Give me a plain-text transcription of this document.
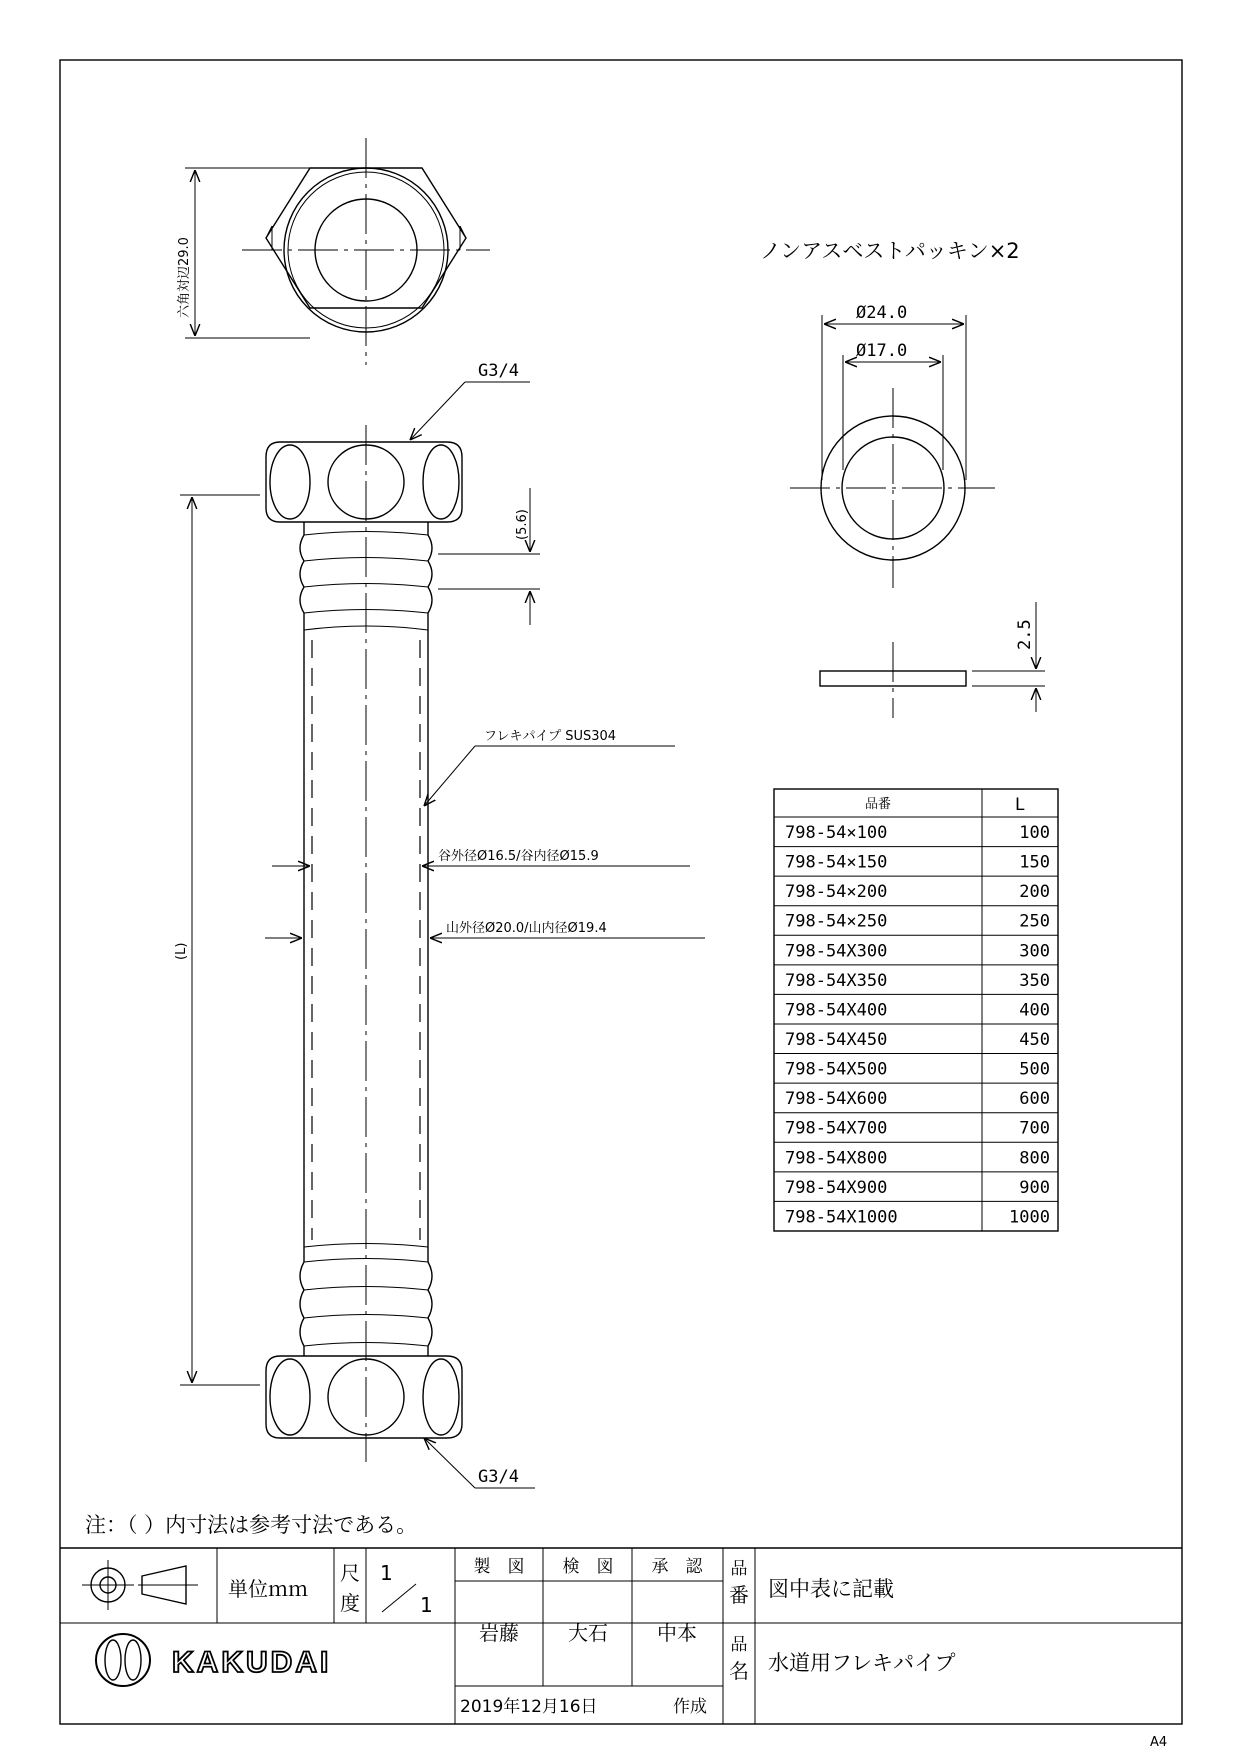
六角対辺29.0
G3/4
G3/4
(5.6)
(L)
フレキパイプ SUS304
谷外径Ø16.5/谷内径Ø15.9
山外径Ø20.0/山内径Ø19.4
ノンアスベストパッキン×2
Ø24.0
Ø17.0
2.5
品番	L
798-54×100	100
798-54×150	150
798-54×200	200
798-54×250	250
798-54X300	300
798-54X350	350
798-54X400	400
798-54X450	450
798-54X500	500
798-54X600	600
798-54X700	700
798-54X800	800
798-54X900	900
798-54X1000	1000
注：（ ）内寸法は参考寸法である。
単位ｍｍ
尺
度
1
1
製　図 検　図 承　認
岩藤 大石 中本
品
番 図中表に記載
品
名 水道用フレキパイプ
KAKUDAI
2019年12月16日	作成
A4
